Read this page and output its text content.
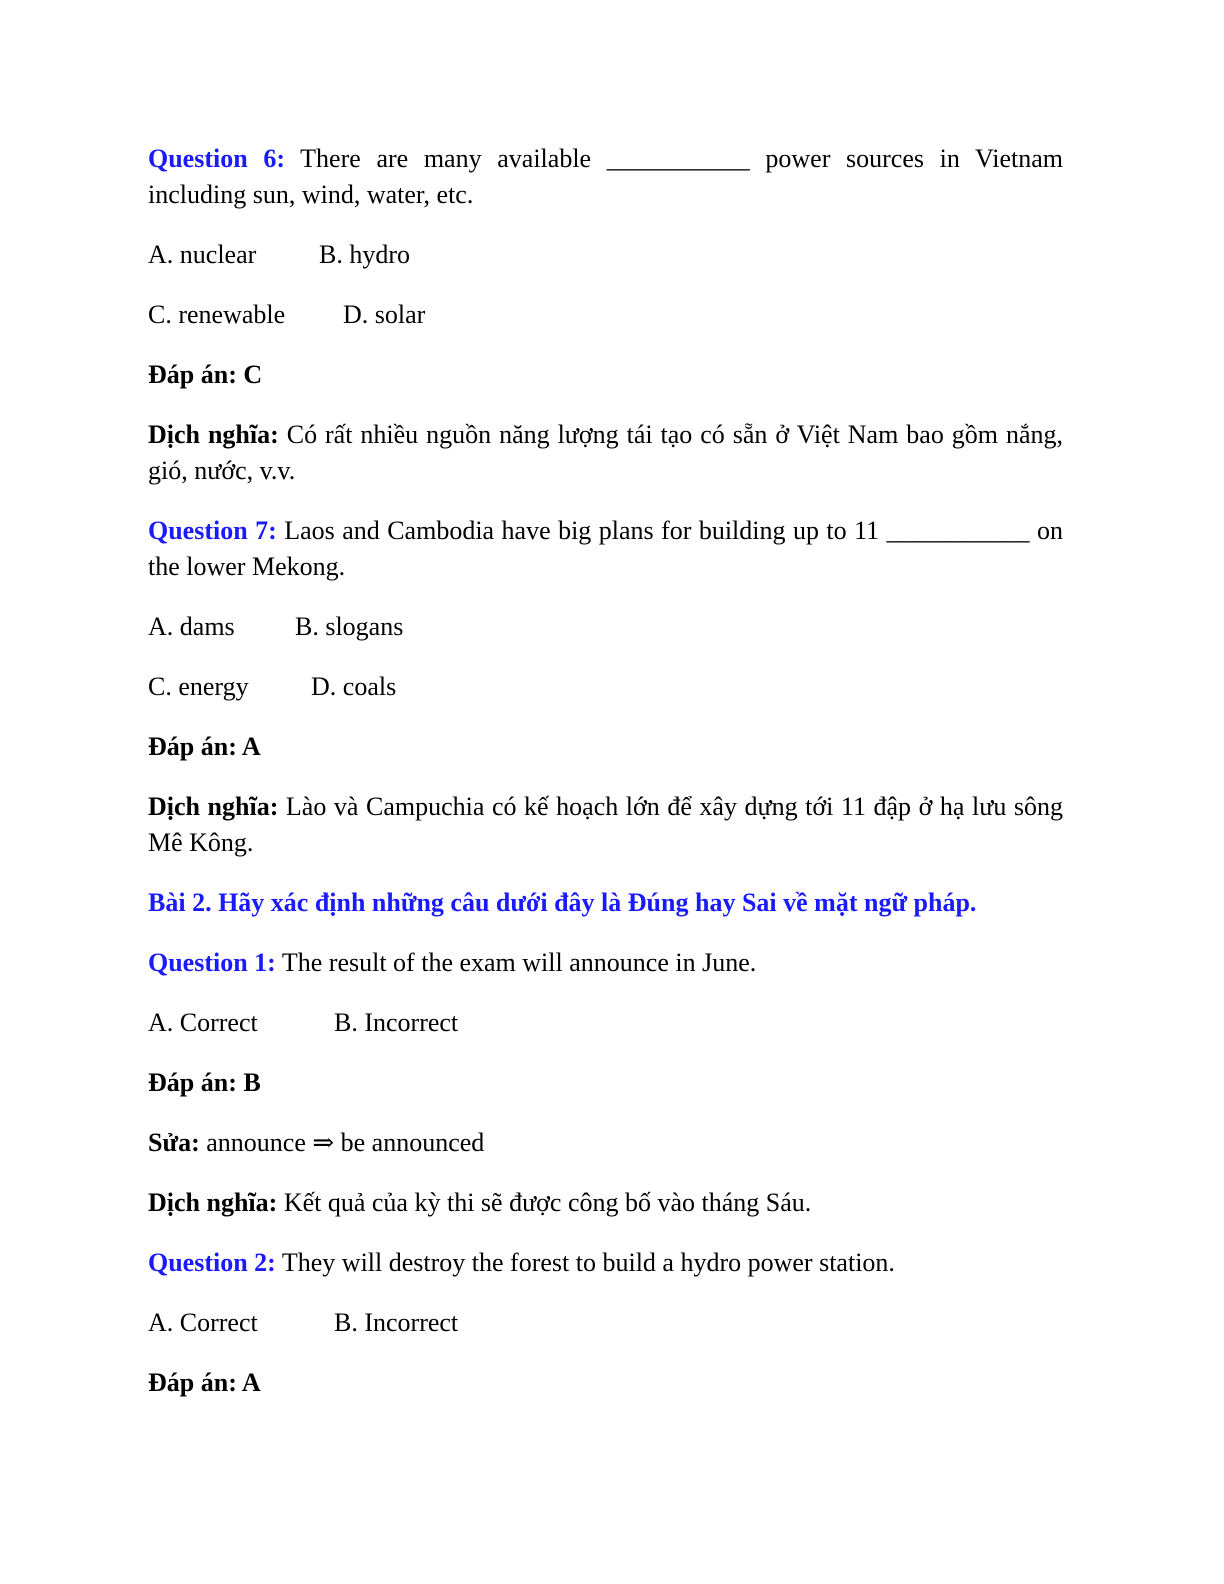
Question 6: There are many available ___________ power sources in Vietnam including sun, wind, water, etc.

A. nuclear B. hydro

C. renewable D. solar

Đáp án: C

Dịch nghĩa: Có rất nhiều nguồn năng lượng tái tạo có sẵn ở Việt Nam bao gồm nắng, gió, nước, v.v.

Question 7: Laos and Cambodia have big plans for building up to 11 ___________ on the lower Mekong.

A. dams B. slogans

C. energy D. coals

Đáp án: A

Dịch nghĩa: Lào và Campuchia có kế hoạch lớn để xây dựng tới 11 đập ở hạ lưu sông Mê Kông.

Bài 2. Hãy xác định những câu dưới đây là Đúng hay Sai về mặt ngữ pháp.

Question 1: The result of the exam will announce in June.

A. Correct	B. Incorrect

Đáp án: B

Sửa: announce ⇒ be announced

Dịch nghĩa: Kết quả của kỳ thi sẽ được công bố vào tháng Sáu.

Question 2: They will destroy the forest to build a hydro power station.

A. Correct	B. Incorrect

Đáp án: A
